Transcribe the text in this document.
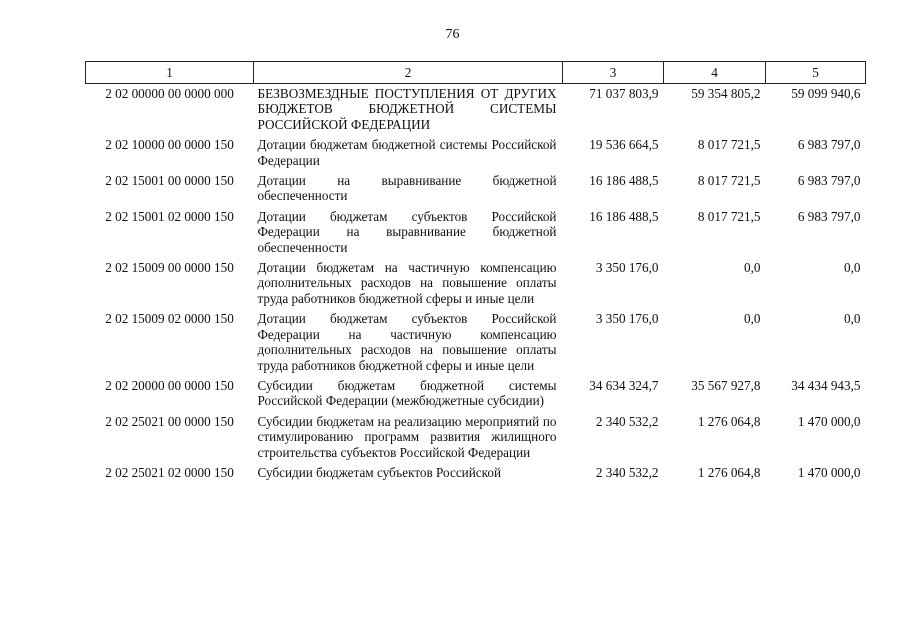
76
1	2	3	4	5
2 02 00000 00 0000 000	БЕЗВОЗМЕЗДНЫЕ ПОСТУПЛЕНИЯ ОТ ДРУГИХ БЮДЖЕТОВ БЮДЖЕТНОЙ СИСТЕМЫ РОССИЙСКОЙ ФЕДЕРАЦИИ	71 037 803,9	59 354 805,2	59 099 940,6
2 02 10000 00 0000 150	Дотации бюджетам бюджетной системы Российской Федерации	19 536 664,5	8 017 721,5	6 983 797,0
2 02 15001 00 0000 150	Дотации на выравнивание бюджетной обеспеченности	16 186 488,5	8 017 721,5	6 983 797,0
2 02 15001 02 0000 150	Дотации бюджетам субъектов Российской Федерации на выравнивание бюджетной обеспеченности	16 186 488,5	8 017 721,5	6 983 797,0
2 02 15009 00 0000 150	Дотации бюджетам на частичную компенсацию дополнительных расходов на повышение оплаты труда работников бюджетной сферы и иные цели	3 350 176,0	0,0	0,0
2 02 15009 02 0000 150	Дотации бюджетам субъектов Российской Федерации на частичную компенсацию дополнительных расходов на повышение оплаты труда работников бюджетной сферы и иные цели	3 350 176,0	0,0	0,0
2 02 20000 00 0000 150	Субсидии бюджетам бюджетной системы Российской Федерации (межбюджетные субсидии)	34 634 324,7	35 567 927,8	34 434 943,5
2 02 25021 00 0000 150	Субсидии бюджетам на реализацию мероприятий по стимулированию программ развития жилищного строительства субъектов Российской Федерации	2 340 532,2	1 276 064,8	1 470 000,0
2 02 25021 02 0000 150	Субсидии бюджетам субъектов Российской	2 340 532,2	1 276 064,8	1 470 000,0
